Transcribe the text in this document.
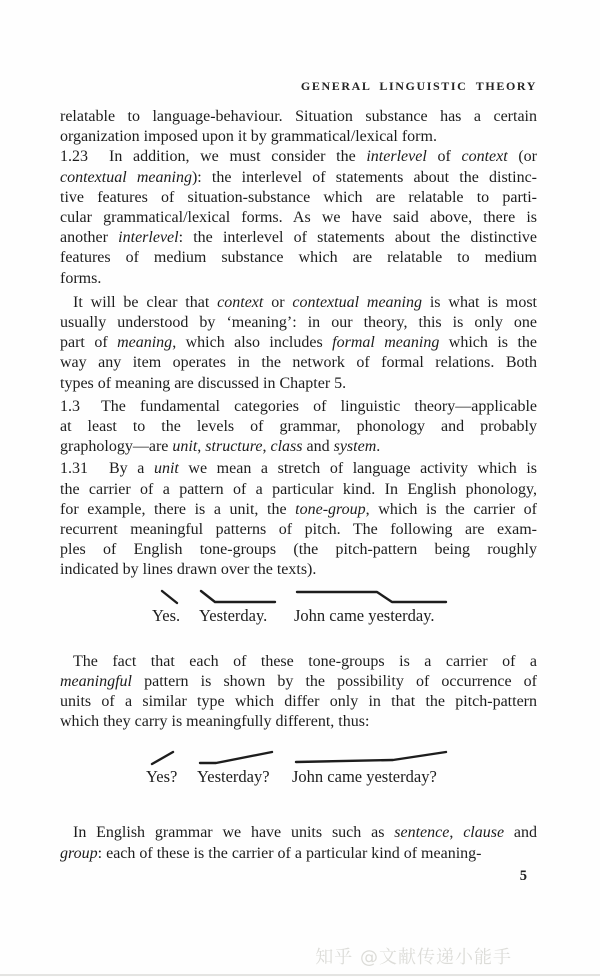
GENERAL LINGUISTIC THEORY
relatable to language-behaviour. Situation substance has a certain
organization imposed upon it by grammatical/lexical form.
1.23 In addition, we must consider the interlevel of context (or
contextual meaning): the interlevel of statements about the distinc-
tive features of situation-substance which are relatable to parti-
cular grammatical/lexical forms. As we have said above, there is
another interlevel: the interlevel of statements about the distinctive
features of medium substance which are relatable to medium
forms.
It will be clear that context or contextual meaning is what is most
usually understood by ‘meaning’: in our theory, this is only one
part of meaning, which also includes formal meaning which is the
way any item operates in the network of formal relations. Both
types of meaning are discussed in Chapter 5.
1.3 The fundamental categories of linguistic theory—applicable
at least to the levels of grammar, phonology and probably
graphology—are unit, structure, class and system.
1.31 By a unit we mean a stretch of language activity which is
the carrier of a pattern of a particular kind. In English phonology,
for example, there is a unit, the tone-group, which is the carrier of
recurrent meaningful patterns of pitch. The following are exam-
ples of English tone-groups (the pitch-pattern being roughly
indicated by lines drawn over the texts).
Yes. Yesterday. John came yesterday.
The fact that each of these tone-groups is a carrier of a
meaningful pattern is shown by the possibility of occurrence of
units of a similar type which differ only in that the pitch-pattern
which they carry is meaningfully different, thus:
Yes? Yesterday? John came yesterday?
In English grammar we have units such as sentence, clause and
group: each of these is the carrier of a particular kind of meaning-
5
知乎 @文献传递小能手
